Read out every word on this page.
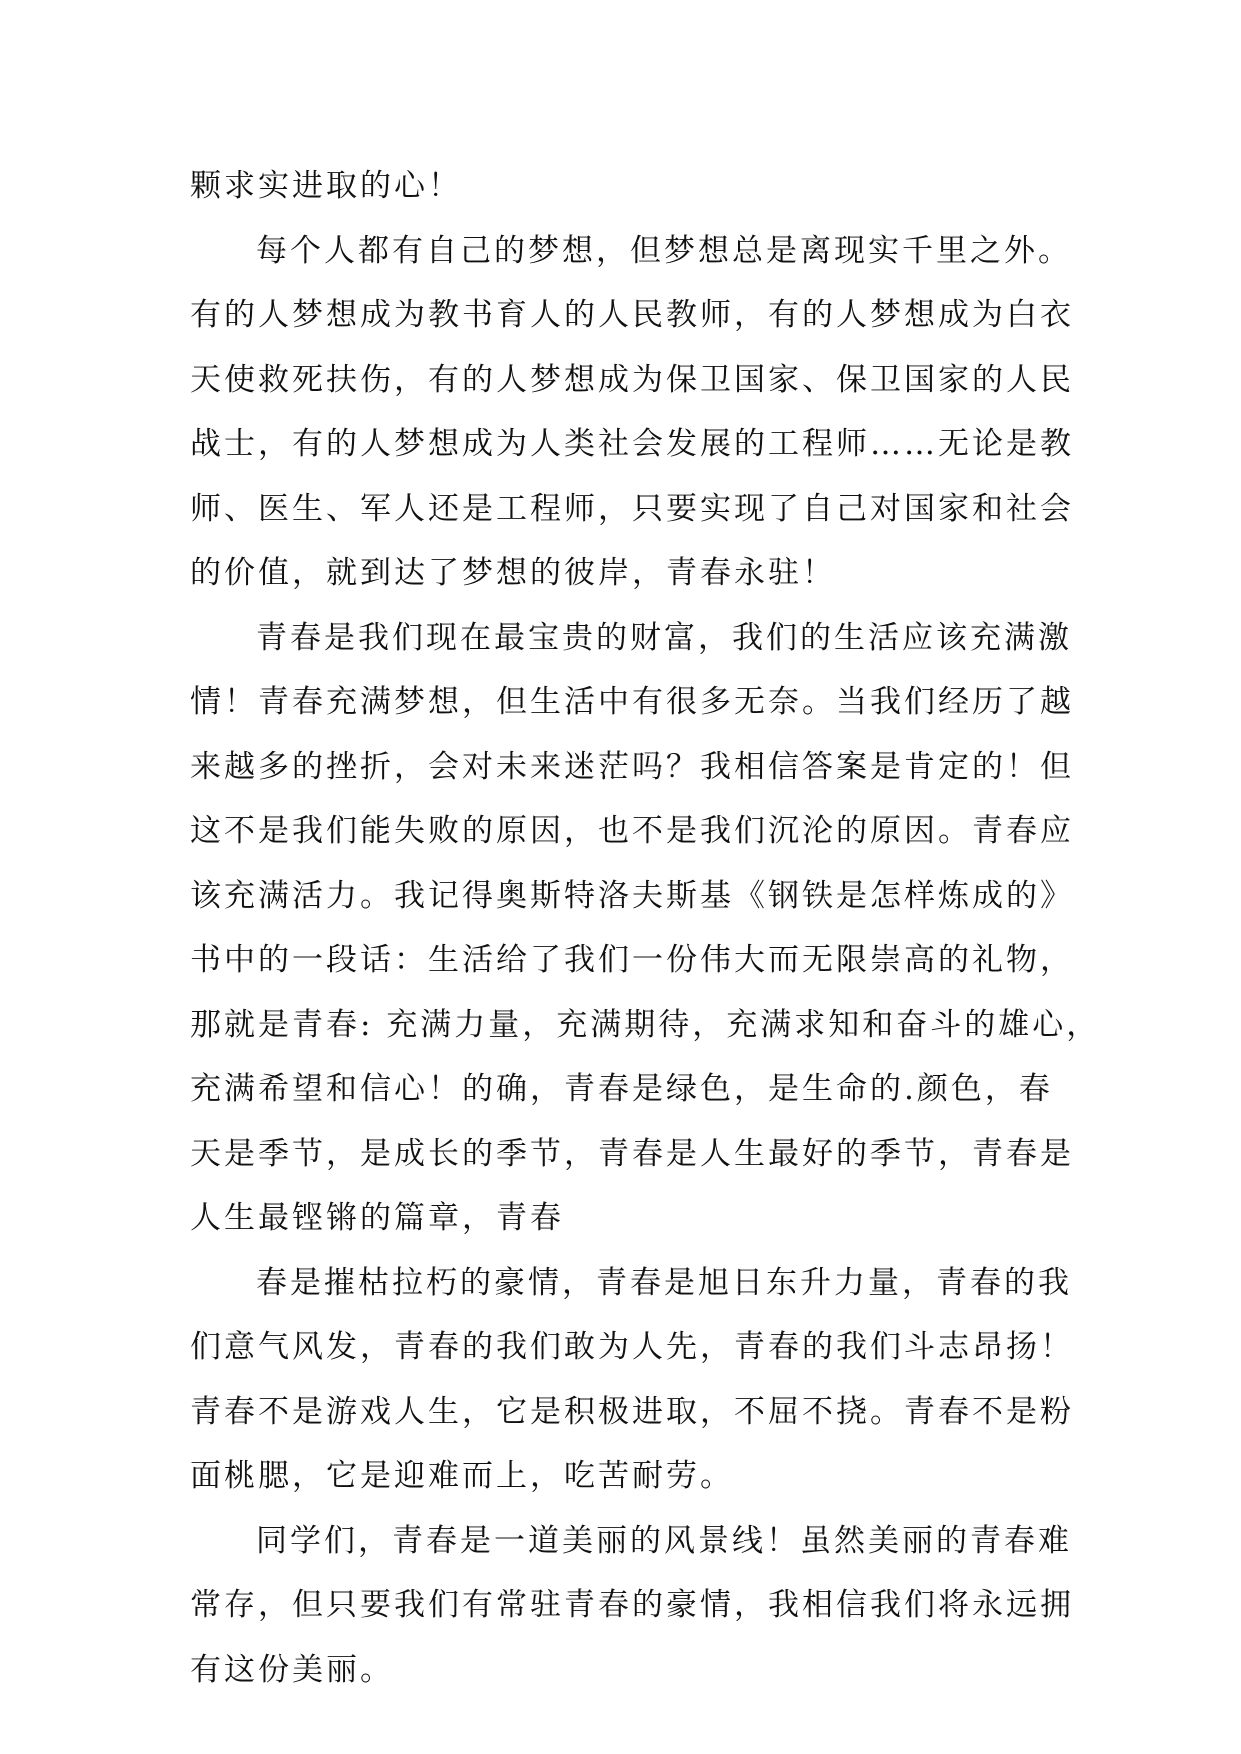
颗求实进取的心！
每个人都有自己的梦想，但梦想总是离现实千里之外。
有的人梦想成为教书育人的人民教师，有的人梦想成为白衣
天使救死扶伤，有的人梦想成为保卫国家、保卫国家的人民
战士，有的人梦想成为人类社会发展的工程师……无论是教
师、医生、军人还是工程师，只要实现了自己对国家和社会
的价值，就到达了梦想的彼岸，青春永驻！
青春是我们现在最宝贵的财富，我们的生活应该充满激
情！青春充满梦想，但生活中有很多无奈。当我们经历了越
来越多的挫折，会对未来迷茫吗？我相信答案是肯定的！但
这不是我们能失败的原因，也不是我们沉沦的原因。青春应
该充满活力。我记得奥斯特洛夫斯基《钢铁是怎样炼成的》
书中的一段话：生活给了我们一份伟大而无限崇高的礼物，
那就是青春: 充满力量，充满期待，充满求知和奋斗的雄心，
充满希望和信心！的确，青春是绿色，是生命的.颜色，春
天是季节，是成长的季节，青春是人生最好的季节，青春是
人生最铿锵的篇章，青春
春是摧枯拉朽的豪情，青春是旭日东升力量，青春的我
们意气风发，青春的我们敢为人先，青春的我们斗志昂扬！
青春不是游戏人生，它是积极进取，不屈不挠。青春不是粉
面桃腮，它是迎难而上，吃苦耐劳。
同学们，青春是一道美丽的风景线！虽然美丽的青春难
常存，但只要我们有常驻青春的豪情，我相信我们将永远拥
有这份美丽。
